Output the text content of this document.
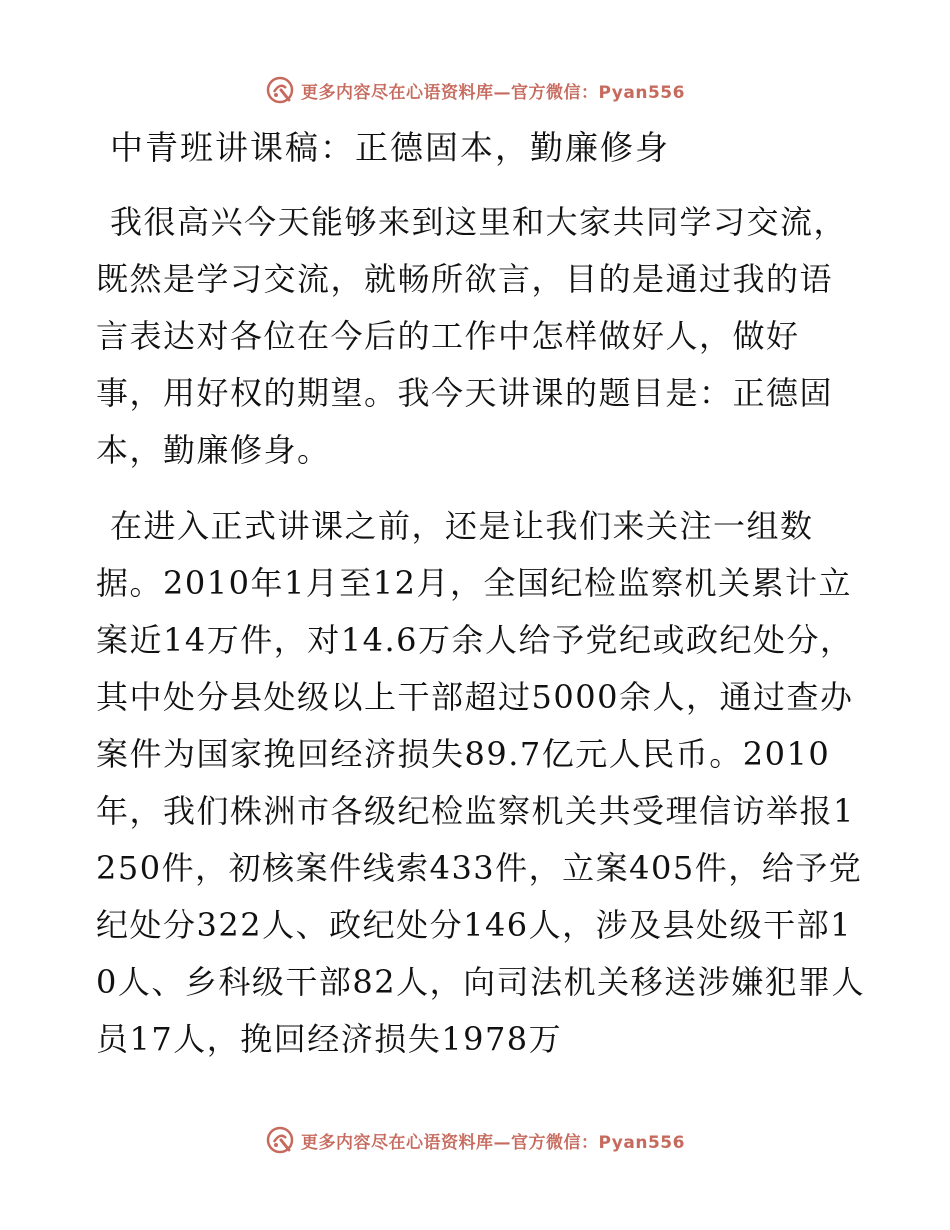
更多内容尽在心语资料库—官方微信：Pyan556
中青班讲课稿：正德固本，勤廉修身

我很高兴今天能够来到这里和大家共同学习交流，既然是学习交流，就畅所欲言，目的是通过我的语言表达对各位在今后的工作中怎样做好人，做好事，用好权的期望。我今天讲课的题目是：正德固本，勤廉修身。

在进入正式讲课之前，还是让我们来关注一组数据。2010年1月至12月，全国纪检监察机关累计立案近14万件，对14.6万余人给予党纪或政纪处分，其中处分县处级以上干部超过5000余人，通过查办案件为国家挽回经济损失89.7亿元人民币。2010年，我们株洲市各级纪检监察机关共受理信访举报1250件，初核案件线索433件，立案405件，给予党纪处分322人、政纪处分146人，涉及县处级干部10人、乡科级干部82人，向司法机关移送涉嫌犯罪人员17人，挽回经济损失1978万

更多内容尽在心语资料库—官方微信：Pyan556
